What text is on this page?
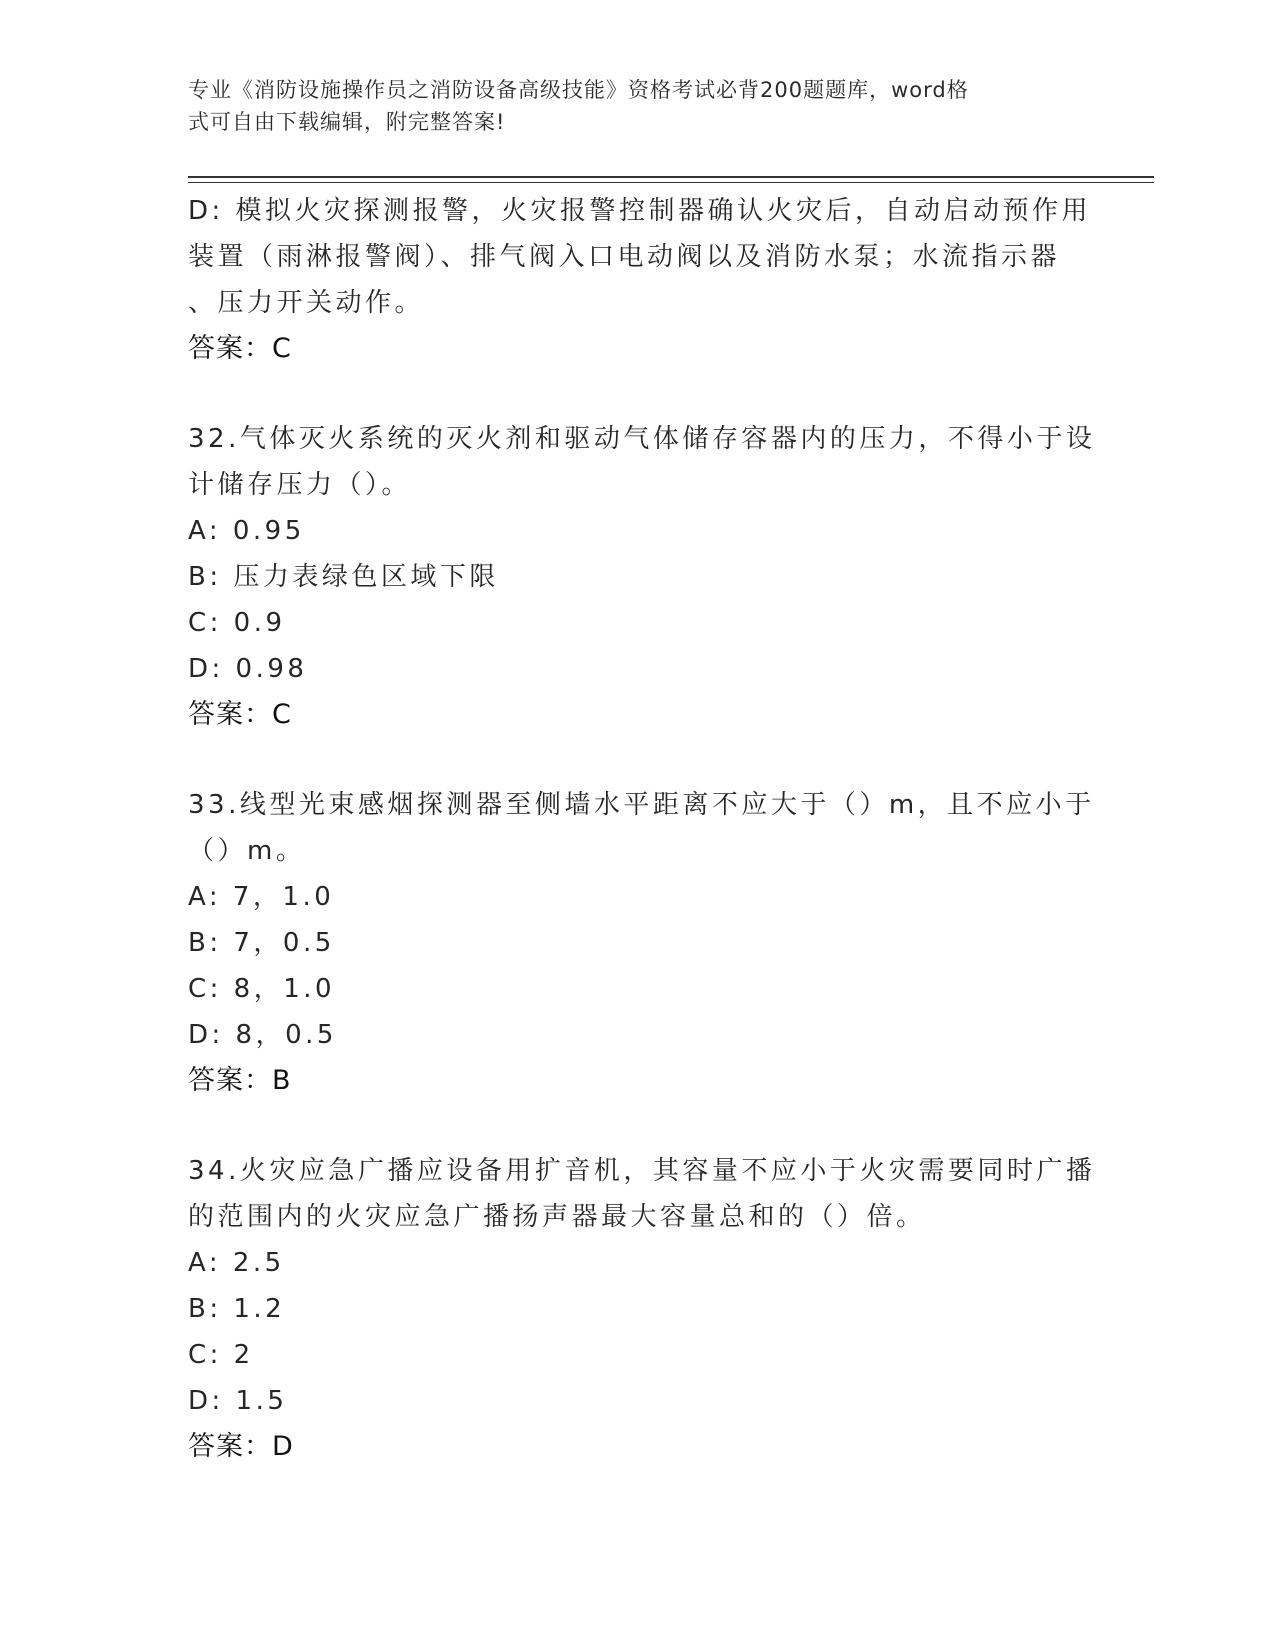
专业《消防设施操作员之消防设备高级技能》资格考试必背200题题库，word格
式可自由下载编辑，附完整答案!
D: 模拟火灾探测报警，火灾报警控制器确认火灾后，自动启动预作用
装置（雨淋报警阀）、排气阀入口电动阀以及消防水泵；水流指示器
、压力开关动作。
答案：C
32.气体灭火系统的灭火剂和驱动气体储存容器内的压力，不得小于设
计储存压力（）。
A: 0.95
B: 压力表绿色区域下限
C: 0.9
D: 0.98
答案：C
33.线型光束感烟探测器至侧墙水平距离不应大于（）m，且不应小于
（）m。
A: 7，1.0
B: 7，0.5
C: 8，1.0
D: 8，0.5
答案：B
34.火灾应急广播应设备用扩音机，其容量不应小于火灾需要同时广播
的范围内的火灾应急广播扬声器最大容量总和的（）倍。
A: 2.5
B: 1.2
C: 2
D: 1.5
答案：D
